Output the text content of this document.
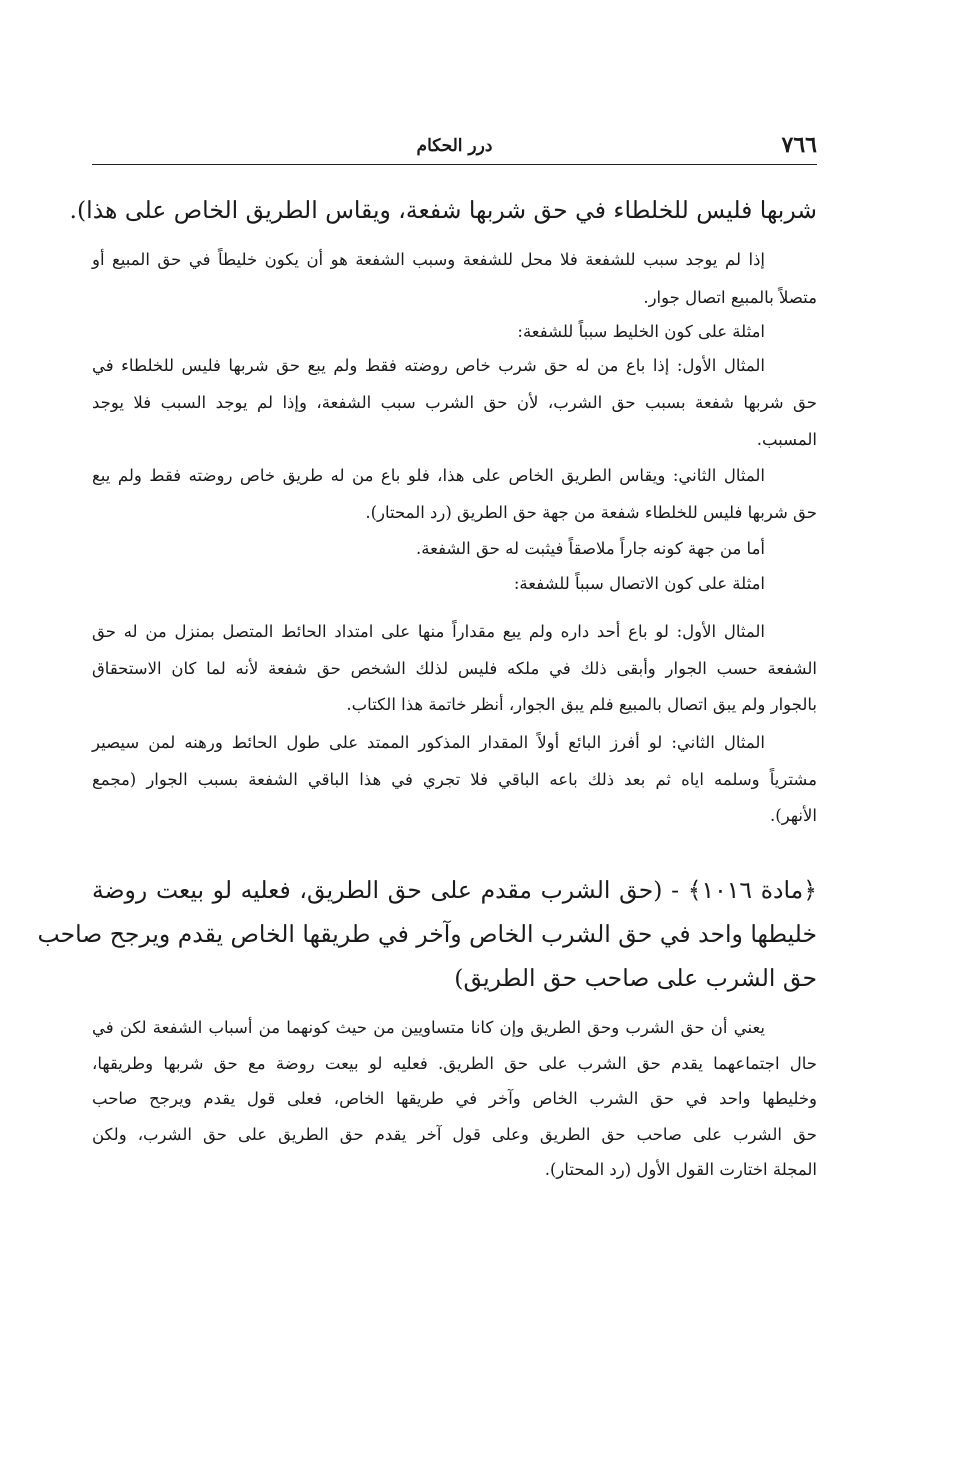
٧٦٦
درر الحكام
شربها فليس للخلطاء في حق شربها شفعة، ويقاس الطريق الخاص على هذا).
إذا لم يوجد سبب للشفعة فلا محل للشفعة وسبب الشفعة هو أن يكون خليطاً في حق المبيع أو
متصلاً بالمبيع اتصال جوار.
امثلة على كون الخليط سبباً للشفعة:
المثال الأول: إذا باع من له حق شرب خاص روضته فقط ولم يبع حق شربها فليس للخلطاء في
حق شربها شفعة بسبب حق الشرب، لأن حق الشرب سبب الشفعة، وإذا لم يوجد السبب فلا يوجد
المسبب.
المثال الثاني: ويقاس الطريق الخاص على هذا، فلو باع من له طريق خاص روضته فقط ولم يبع
حق شربها فليس للخلطاء شفعة من جهة حق الطريق (رد المحتار).
أما من جهة كونه جاراً ملاصقاً فيثبت له حق الشفعة.
امثلة على كون الاتصال سبباً للشفعة:
المثال الأول: لو باع أحد داره ولم يبع مقداراً منها على امتداد الحائط المتصل بمنزل من له حق
الشفعة حسب الجوار وأبقى ذلك في ملكه فليس لذلك الشخص حق شفعة لأنه لما كان الاستحقاق
بالجوار ولم يبق اتصال بالمبيع فلم يبق الجوار، أنظر خاتمة هذا الكتاب.
المثال الثاني: لو أفرز البائع أولاً المقدار المذكور الممتد على طول الحائط ورهنه لمن سيصير
مشترياً وسلمه اياه ثم بعد ذلك باعه الباقي فلا تجري في هذا الباقي الشفعة بسبب الجوار (مجمع
الأنهر).
﴿مادة ١٠١٦﴾ - (حق الشرب مقدم على حق الطريق، فعليه لو بيعت روضة
خليطها واحد في حق الشرب الخاص وآخر في طريقها الخاص يقدم ويرجح صاحب
حق الشرب على صاحب حق الطريق)
يعني أن حق الشرب وحق الطريق وإن كانا متساويين من حيث كونهما من أسباب الشفعة لكن في
حال اجتماعهما يقدم حق الشرب على حق الطريق. فعليه لو بيعت روضة مع حق شربها وطريقها،
وخليطها واحد في حق الشرب الخاص وآخر في طريقها الخاص، فعلى قول يقدم ويرجح صاحب
حق الشرب على صاحب حق الطريق وعلى قول آخر يقدم حق الطريق على حق الشرب، ولكن
المجلة اختارت القول الأول (رد المحتار).
